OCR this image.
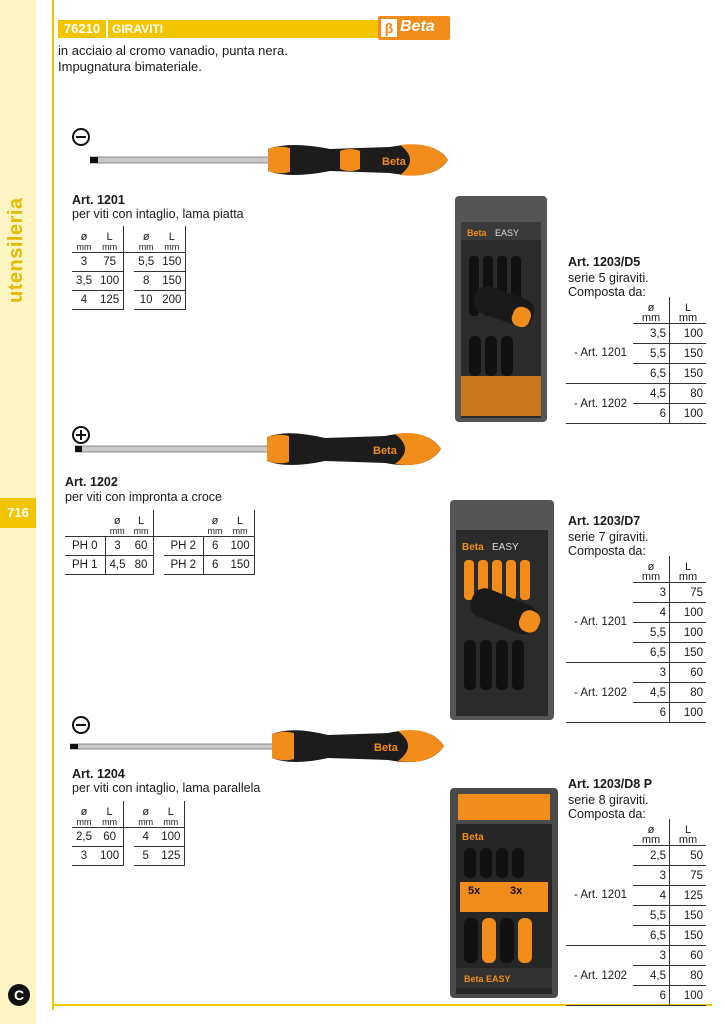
utensileria
716
C
76210 GIRAVITI	β Beta
in acciaio al cromo vanadio, punta nera.
Impugnatura bimateriale.
Beta
Beta
Beta
Art. 1201
per viti con intaglio, lama piatta
ø
mm	L
mm		ø
mm	L
mm

3	75		5,5	150
3,5	100		8	150
4	125		10	200
Art. 1202
per viti con impronta a croce
	ø
mm	L
mm			ø
mm	L
mm

PH 0	3	60		PH 2	6	100
PH 1	4,5	80		PH 2	6	150
Art. 1204
per viti con intaglio, lama parallela
ø
mm	L
mm		ø
mm	L
mm

2,5	60		4	100
3	100		5	125
Beta EASY
Beta EASY
Beta
5x	3x
Beta EASY
Art. 1203/D5
serie 5 giraviti.
Composta da:
	ø
mm	L
mm
- Art. 1201	3,5	100
	5,5	150
	6,5	150
- Art. 1202	4,5	80
	6	100
Art. 1203/D7
serie 7 giraviti.
Composta da:
	ø
mm	L
mm
- Art. 1201	3	75
	4	100
	5,5	100
	6,5	150
- Art. 1202	3	60
	4,5	80
	6	100
Art. 1203/D8 P
serie 8 giraviti.
Composta da:
	ø
mm	L
mm
- Art. 1201	2,5	50
	3	75
	4	125
	5,5	150
	6,5	150
- Art. 1202	3	60
	4,5	80
	6	100
